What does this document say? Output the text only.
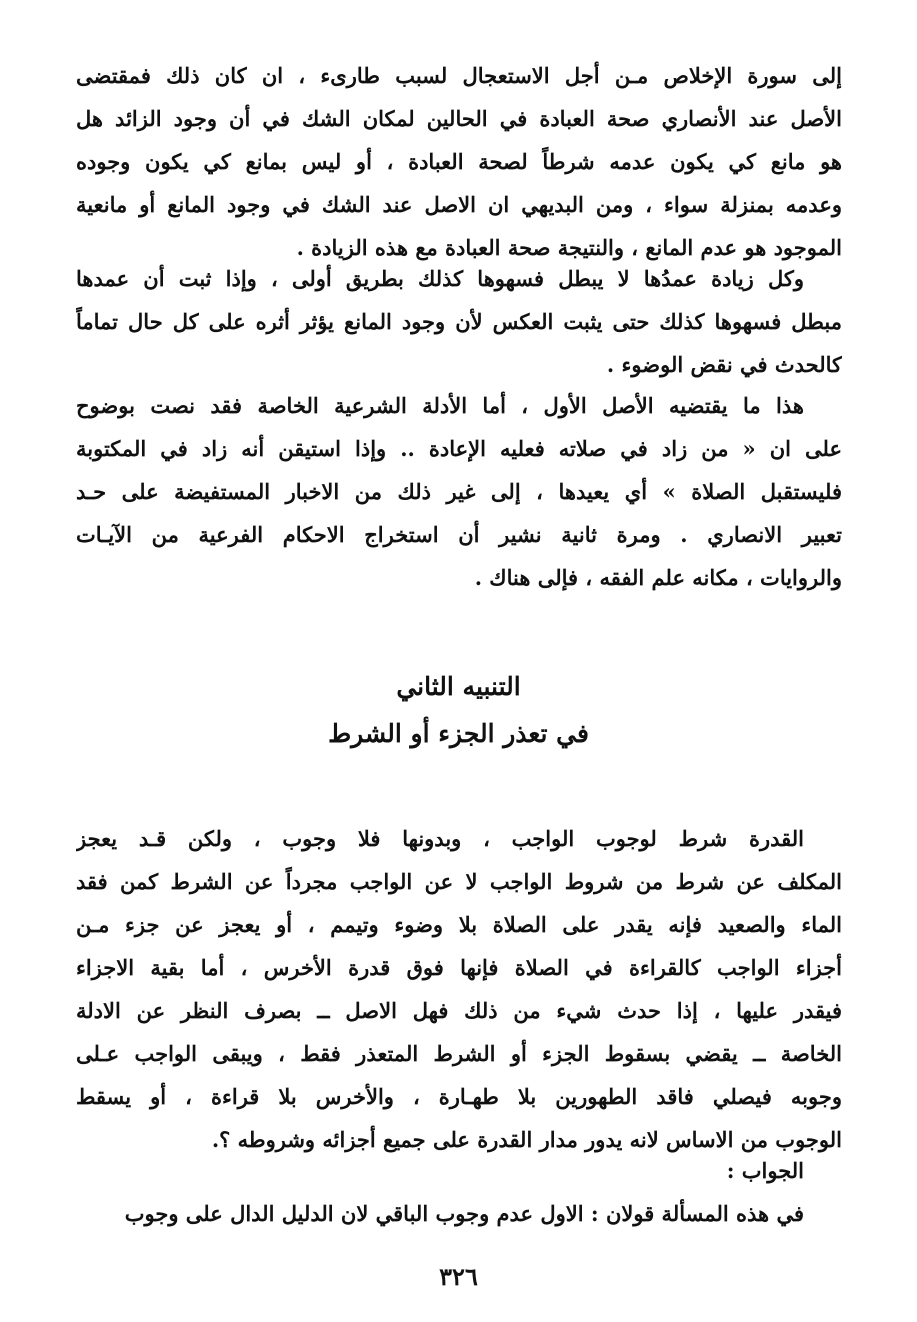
إلى سورة الإخلاص مـن أجل الاستعجال لسبب طارىء ، ان كان ذلك فمقتضى
الأصل عند الأنصاري صحة العبادة في الحالين لمكان الشك في أن وجود الزائد هل
هو مانع كي يكون عدمه شرطاً لصحة العبادة ، أو ليس بمانع كي يكون وجوده
وعدمه بمنزلة سواء ، ومن البديهي ان الاصل عند الشك في وجود المانع أو مانعية
الموجود هو عدم المانع ، والنتيجة صحة العبادة مع هذه الزيادة .
وكل زيادة عمدُها لا يبطل فسهوها كذلك بطريق أولى ، وإذا ثبت أن عمدها
مبطل فسهوها كذلك حتى يثبت العكس لأن وجود المانع يؤثر أثره على كل حال تماماً
كالحدث في نقض الوضوء .
هذا ما يقتضيه الأصل الأول ، أما الأدلة الشرعية الخاصة فقد نصت بوضوح
على ان « من زاد في صلاته فعليه الإعادة .. وإذا استيقن أنه زاد في المكتوبة
فليستقبل الصلاة » أي يعيدها ، إلى غير ذلك من الاخبار المستفيضة على حـد
تعبير الانصاري . ومرة ثانية نشير أن استخراج الاحكام الفرعية من الآيـات
والروايات ، مكانه علم الفقه ، فإلى هناك .
التنبيه الثاني
في تعذر الجزء أو الشرط
القدرة شرط لوجوب الواجب ، وبدونها فلا وجوب ، ولكن قـد يعجز
المكلف عن شرط من شروط الواجب لا عن الواجب مجرداً عن الشرط كمن فقد
الماء والصعيد فإنه يقدر على الصلاة بلا وضوء وتيمم ، أو يعجز عن جزء مـن
أجزاء الواجب كالقراءة في الصلاة فإنها فوق قدرة الأخرس ، أما بقية الاجزاء
فيقدر عليها ، إذا حدث شيء من ذلك فهل الاصل ــ بصرف النظر عن الادلة
الخاصة ــ يقضي بسقوط الجزء أو الشرط المتعذر فقط ، ويبقى الواجب عـلى
وجوبه فيصلي فاقد الطهورين بلا طهـارة ، والأخرس بلا قراءة ، أو يسقط
الوجوب من الاساس لانه يدور مدار القدرة على جميع أجزائه وشروطه ؟.
الجواب :
في هذه المسألة قولان : الاول عدم وجوب الباقي لان الدليل الدال على وجوب
٣٢٦
